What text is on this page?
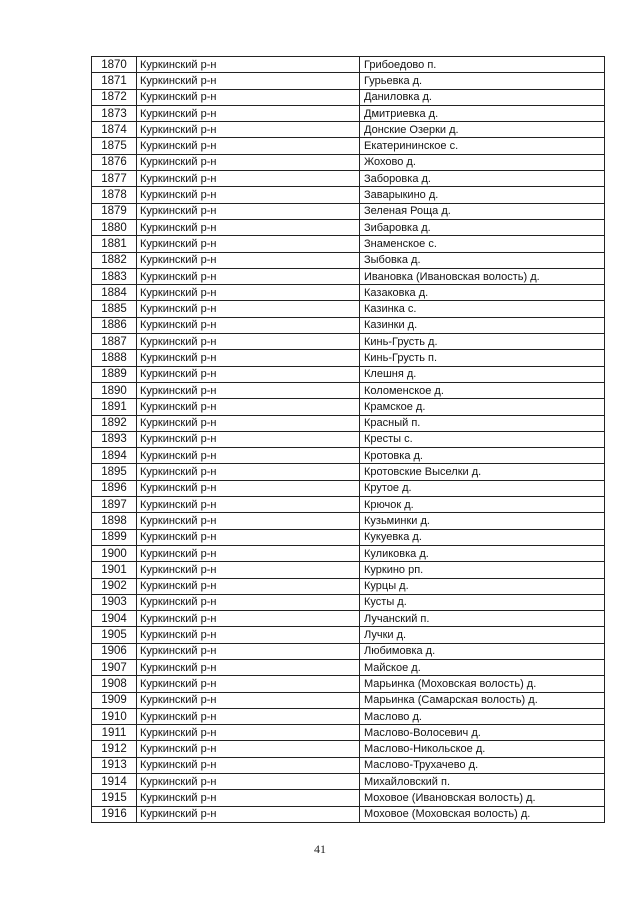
1870	Куркинский р-н	Грибоедово п.
1871	Куркинский р-н	Гурьевка д.
1872	Куркинский р-н	Даниловка д.
1873	Куркинский р-н	Дмитриевка д.
1874	Куркинский р-н	Донские Озерки д.
1875	Куркинский р-н	Екатерининское с.
1876	Куркинский р-н	Жохово д.
1877	Куркинский р-н	Заборовка д.
1878	Куркинский р-н	Заварыкино д.
1879	Куркинский р-н	Зеленая Роща д.
1880	Куркинский р-н	Зибаровка д.
1881	Куркинский р-н	Знаменское с.
1882	Куркинский р-н	Зыбовка д.
1883	Куркинский р-н	Ивановка (Ивановская волость) д.
1884	Куркинский р-н	Казаковка д.
1885	Куркинский р-н	Казинка с.
1886	Куркинский р-н	Казинки д.
1887	Куркинский р-н	Кинь-Грусть д.
1888	Куркинский р-н	Кинь-Грусть п.
1889	Куркинский р-н	Клешня д.
1890	Куркинский р-н	Коломенское д.
1891	Куркинский р-н	Крамское д.
1892	Куркинский р-н	Красный п.
1893	Куркинский р-н	Кресты с.
1894	Куркинский р-н	Кротовка д.
1895	Куркинский р-н	Кротовские Выселки д.
1896	Куркинский р-н	Крутое д.
1897	Куркинский р-н	Крючок д.
1898	Куркинский р-н	Кузьминки д.
1899	Куркинский р-н	Кукуевка д.
1900	Куркинский р-н	Куликовка д.
1901	Куркинский р-н	Куркино рп.
1902	Куркинский р-н	Курцы д.
1903	Куркинский р-н	Кусты д.
1904	Куркинский р-н	Лучанский п.
1905	Куркинский р-н	Лучки д.
1906	Куркинский р-н	Любимовка д.
1907	Куркинский р-н	Майское д.
1908	Куркинский р-н	Марьинка (Моховская волость) д.
1909	Куркинский р-н	Марьинка (Самарская волость) д.
1910	Куркинский р-н	Маслово д.
1911	Куркинский р-н	Маслово-Волосевич д.
1912	Куркинский р-н	Маслово-Никольское д.
1913	Куркинский р-н	Маслово-Трухачево д.
1914	Куркинский р-н	Михайловский п.
1915	Куркинский р-н	Моховое (Ивановская волость) д.
1916	Куркинский р-н	Моховое (Моховская волость) д.
41
